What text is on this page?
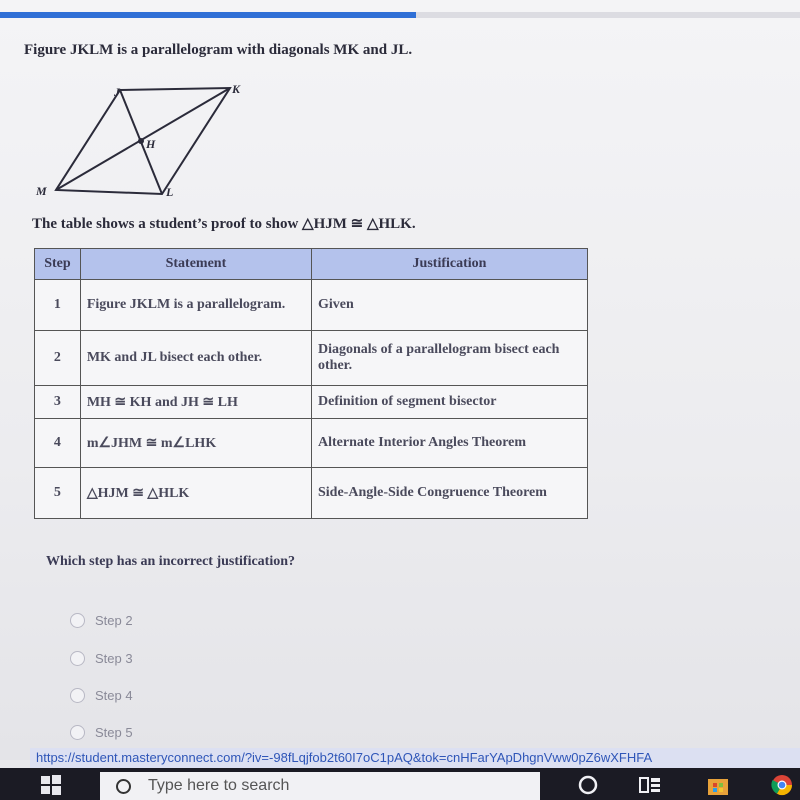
Figure JKLM is a parallelogram with diagonals MK and JL.
J	K
L
M
H
The table shows a student’s proof to show △HJM ≅ △HLK.
Step	Statement	Justification
1	Figure JKLM is a parallelogram.	Given
2	MK and JL bisect each other.	Diagonals of a parallelogram bisect each other.
3	MH ≅ KH and JH ≅ LH	Definition of segment bisector
4	m∠JHM ≅ m∠LHK	Alternate Interior Angles Theorem
5	△HJM ≅ △HLK	Side-Angle-Side Congruence Theorem
Which step has an incorrect justification?
Step 2
Step 3
Step 4
Step 5
https://student.masteryconnect.com/?iv=-98fLqjfob2t60I7oC1pAQ&tok=cnHFarYApDhgnVww0pZ6wXFHFA
Type here to search
